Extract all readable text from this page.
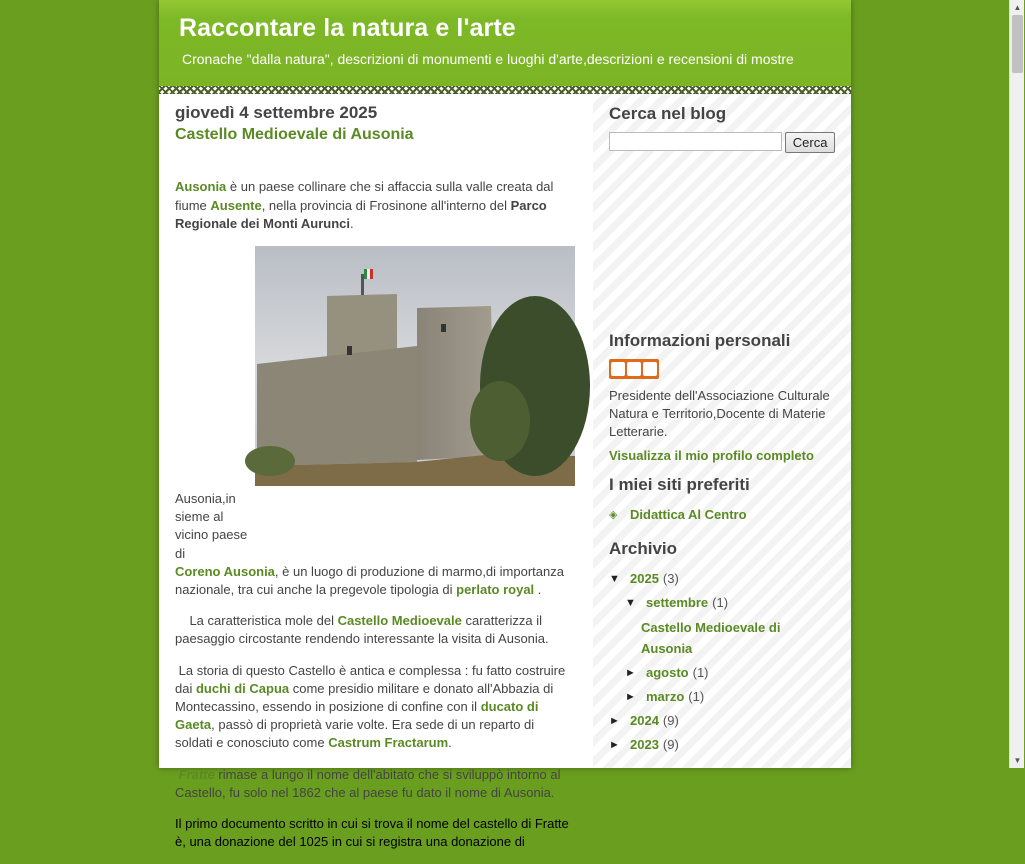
Raccontare la natura e l'arte
Cronache "dalla natura", descrizioni di monumenti e luoghi d'arte,descrizioni e recensioni di mostre
giovedì 4 settembre 2025
Castello Medioevale di Ausonia

Ausonia è un paese collinare che si affaccia sulla valle creata dal fiume Ausente, nella provincia di Frosinone all'interno del Parco Regionale dei Monti Aurunci.

Ausonia,in sieme al vicino paese di

Coreno Ausonia, è un luogo di produzione di marmo,di importanza nazionale, tra cui anche la pregevole tipologia di perlato royal .

La caratteristica mole del Castello Medioevale caratterizza il paesaggio circostante rendendo interessante la visita di Ausonia.

La storia di questo Castello è antica e complessa : fu fatto costruire dai duchi di Capua come presidio militare e donato all'Abbazia di Montecassino, essendo in posizione di confine con il ducato di Gaeta, passò di proprietà varie volte. Era sede di un reparto di soldati e conosciuto come Castrum Fractarum.

Fratte rimase a lungo il nome dell'abitato che si sviluppò intorno al Castello, fu solo nel 1862 che al paese fu dato il nome di Ausonia.

Il primo documento scritto in cui si trova il nome del castello di Fratte è, una donazione del 1025 in cui si registra una donazione di

Cerca nel blog
Cerca
Informazioni personali

Presidente dell'Associazione Culturale Natura e Territorio,Docente di Materie Letterarie.

Visualizza il mio profilo completo

I miei siti preferiti
◈ Didattica Al Centro
Archivio
▼ 2025 (3)
▼ settembre (1)
Castello Medioevale di Ausonia
► agosto (1)
► marzo (1)
► 2024 (9)
► 2023 (9)
▲
▼
